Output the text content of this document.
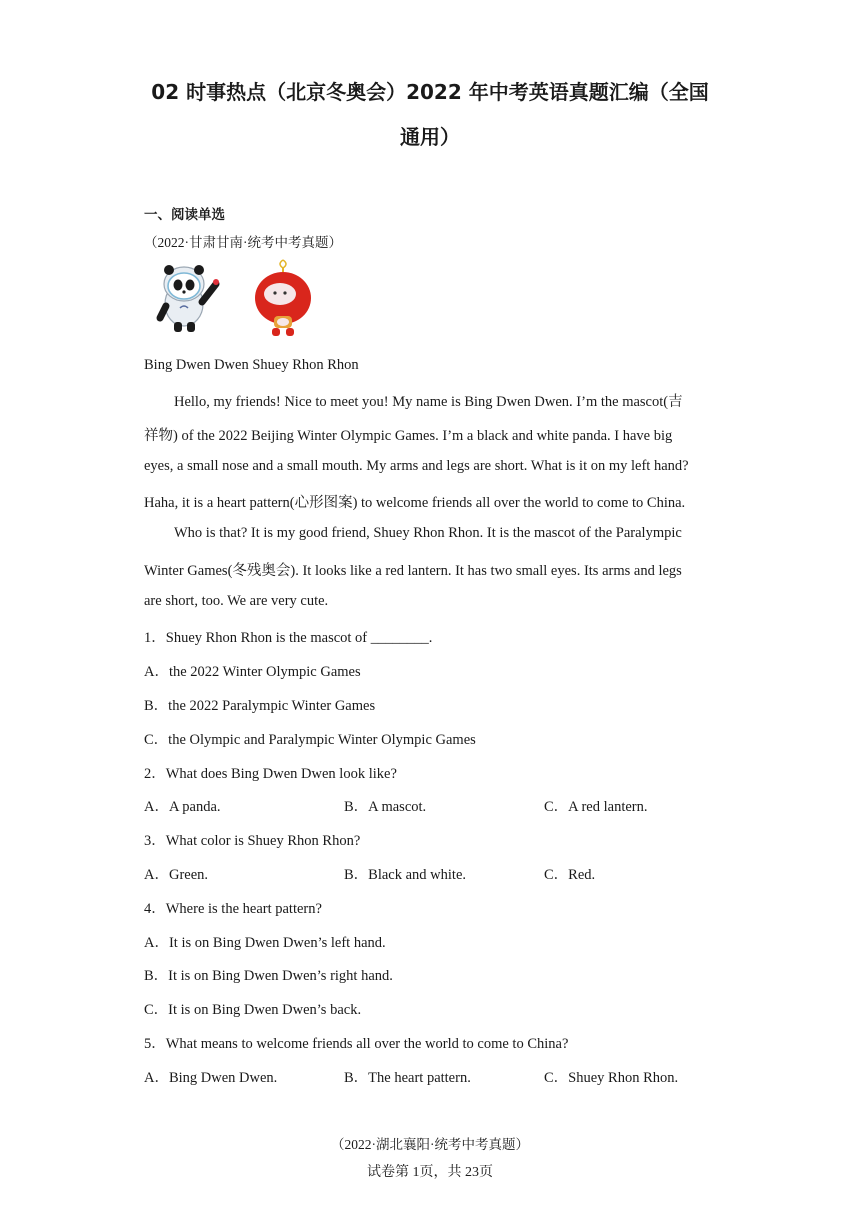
02 时事热点（北京冬奥会）2022 年中考英语真题汇编（全国
通用）
一、阅读单选
（2022·甘肃甘南·统考中考真题）
Bing Dwen Dwen Shuey Rhon Rhon
Hello, my friends! Nice to meet you! My name is Bing Dwen Dwen. I’m the mascot(吉
祥物) of the 2022 Beijing Winter Olympic Games. I’m a black and white panda. I have big
eyes, a small nose and a small mouth. My arms and legs are short. What is it on my left hand?
Haha, it is a heart pattern(心形图案) to welcome friends all over the world to come to China.
Who is that? It is my good friend, Shuey Rhon Rhon. It is the mascot of the Paralympic
Winter Games(冬残奥会). It looks like a red lantern. It has two small eyes. Its arms and legs
are short, too. We are very cute.
1．Shuey Rhon Rhon is the mascot of ________.
A．the 2022 Winter Olympic Games
B．the 2022 Paralympic Winter Games
C．the Olympic and Paralympic Winter Olympic Games
2．What does Bing Dwen Dwen look like?
A．A panda.	B．A mascot.	C．A red lantern.
3．What color is Shuey Rhon Rhon?
A．Green.	B．Black and white.	C．Red.
4．Where is the heart pattern?
A．It is on Bing Dwen Dwen’s left hand.
B．It is on Bing Dwen Dwen’s right hand.
C．It is on Bing Dwen Dwen’s back.
5．What means to welcome friends all over the world to come to China?
A．Bing Dwen Dwen.	B．The heart pattern.	C．Shuey Rhon Rhon.
（2022·湖北襄阳·统考中考真题）
试卷第 1页，共 23页
